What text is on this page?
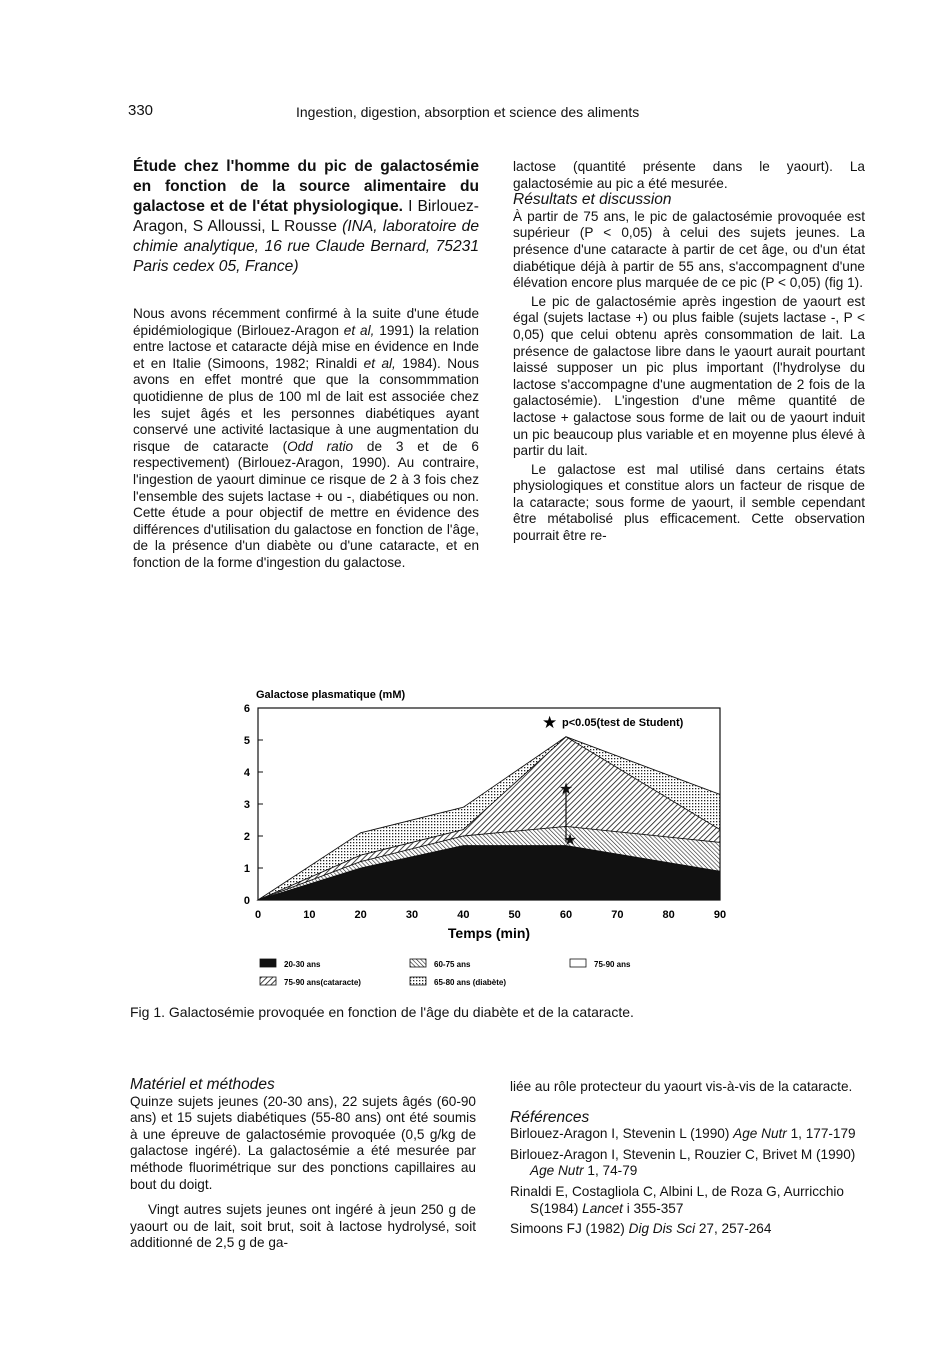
330	Ingestion, digestion, absorption et science des aliments

Étude chez l'homme du pic de galactosémie en fonction de la source alimentaire du galactose et de l'état physiologique. I Birlouez-Aragon, S Alloussi, L Rousse (INA, laboratoire de chimie analytique, 16 rue Claude Bernard, 75231 Paris cedex 05, France)

Nous avons récemment confirmé à la suite d'une étude épidémiologique (Birlouez-Aragon et al, 1991) la relation entre lactose et cataracte déjà mise en évidence en Inde et en Italie (Simoons, 1982; Rinaldi et al, 1984). Nous avons en effet montré que que la consommmation quotidienne de plus de 100 ml de lait est associée chez les sujet âgés et les personnes diabétiques ayant conservé une activité lactasique à une augmentation du risque de cataracte (Odd ratio de 3 et de 6 respectivement) (Birlouez-Aragon, 1990). Au contraire, l'ingestion de yaourt diminue ce risque de 2 à 3 fois chez l'ensemble des sujets lactase + ou -, diabétiques ou non. Cette étude a pour objectif de mettre en évidence des différences d'utilisation du galactose en fonction de l'âge, de la présence d'un diabète ou d'une cataracte, et en fonction de la forme d'ingestion du galactose.

lactose (quantité présente dans le yaourt). La galactosémie au pic a été mesurée.

Résultats et discussion

À partir de 75 ans, le pic de galactosémie provoquée est supérieur (P < 0,05) à celui des sujets jeunes. La présence d'une cataracte à partir de cet âge, ou d'un état diabétique déjà à partir de 55 ans, s'accompagnent d'une élévation encore plus marquée de ce pic (P < 0,05) (fig 1).

Le pic de galactosémie après ingestion de yaourt est égal (sujets lactase +) ou plus faible (sujets lactase -, P < 0,05) que celui obtenu après consommation de lait. La présence de galactose libre dans le yaourt aurait pourtant laissé supposer un pic plus important (l'hydrolyse du lactose s'accompagne d'une augmentation de 2 fois de la galactosémie). L'ingestion d'une même quantité de lactose + galactose sous forme de lait ou de yaourt induit un pic beaucoup plus variable et en moyenne plus élevé à partir du lait.

Le galactose est mal utilisé dans certains états physiologiques et constitue alors un facteur de risque de la cataracte; sous forme de yaourt, il semble cependant être métabolisé plus efficacement. Cette observation pourrait être re-

Galactose plasmatique (mM)
0
1
2
3
4
5
6
0	10	20	30	40	50	60	70	80	90
Temps (min)
★ p<0.05(test de Student)
★
★
20-30 ans	60-75 ans	75-90 ans
75-90 ans(cataracte)	65-80 ans (diabète)
Fig 1. Galactosémie provoquée en fonction de l'âge du diabète et de la cataracte.

Matériel et méthodes

Quinze sujets jeunes (20-30 ans), 22 sujets âgés (60-90 ans) et 15 sujets diabétiques (55-80 ans) ont été soumis à une épreuve de galactosémie provoquée (0,5 g/kg de galactose ingéré). La galactosémie a été mesurée par méthode fluorimétrique sur des ponctions capillaires au bout du doigt.

Vingt autres sujets jeunes ont ingéré à jeun 250 g de yaourt ou de lait, soit brut, soit à lactose hydrolysé, soit additionné de 2,5 g de ga-

liée au rôle protecteur du yaourt vis-à-vis de la cataracte.

Références

Birlouez-Aragon I, Stevenin L (1990) Age Nutr 1, 177-179

Birlouez-Aragon I, Stevenin L, Rouzier C, Brivet M (1990) Age Nutr 1, 74-79

Rinaldi E, Costagliola C, Albini L, de Roza G, Aurricchio S(1984) Lancet i 355-357

Simoons FJ (1982) Dig Dis Sci 27, 257-264
